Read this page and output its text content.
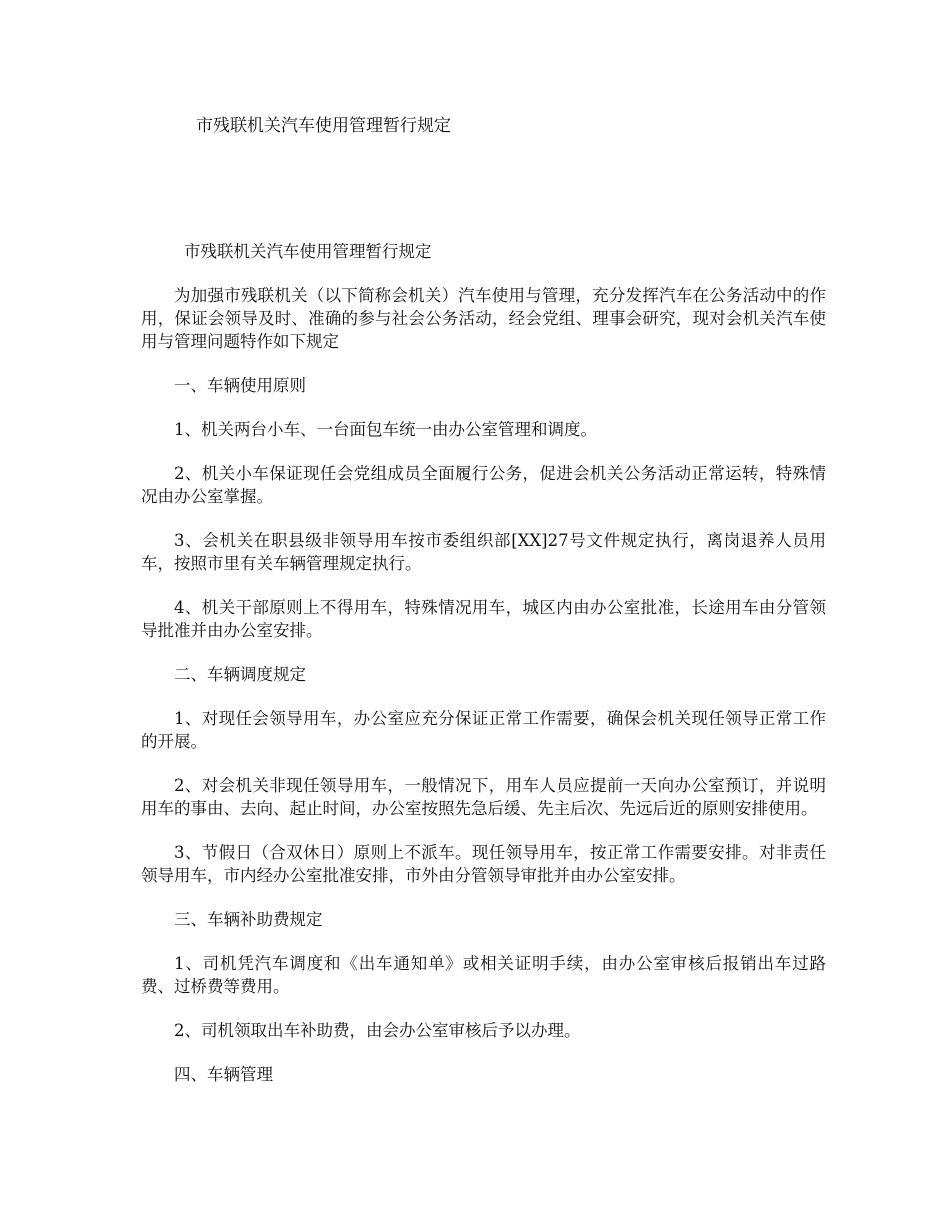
市残联机关汽车使用管理暂行规定

市残联机关汽车使用管理暂行规定

为加强市残联机关（以下简称会机关）汽车使用与管理，充分发挥汽车在公务活动中的作用，保证会领导及时、准确的参与社会公务活动，经会党组、理事会研究，现对会机关汽车使用与管理问题特作如下规定

一、车辆使用原则

1、机关两台小车、一台面包车统一由办公室管理和调度。

2、机关小车保证现任会党组成员全面履行公务，促进会机关公务活动正常运转，特殊情况由办公室掌握。

3、会机关在职县级非领导用车按市委组织部[XX]27号文件规定执行，离岗退养人员用车，按照市里有关车辆管理规定执行。

4、机关干部原则上不得用车，特殊情况用车，城区内由办公室批准，长途用车由分管领导批准并由办公室安排。

二、车辆调度规定

1、对现任会领导用车，办公室应充分保证正常工作需要，确保会机关现任领导正常工作的开展。

2、对会机关非现任领导用车，一般情况下，用车人员应提前一天向办公室预订，并说明用车的事由、去向、起止时间，办公室按照先急后缓、先主后次、先远后近的原则安排使用。

3、节假日（合双休日）原则上不派车。现任领导用车，按正常工作需要安排。对非责任领导用车，市内经办公室批准安排，市外由分管领导审批并由办公室安排。

三、车辆补助费规定

1、司机凭汽车调度和《出车通知单》或相关证明手续，由办公室审核后报销出车过路费、过桥费等费用。

2、司机领取出车补助费，由会办公室审核后予以办理。

四、车辆管理
